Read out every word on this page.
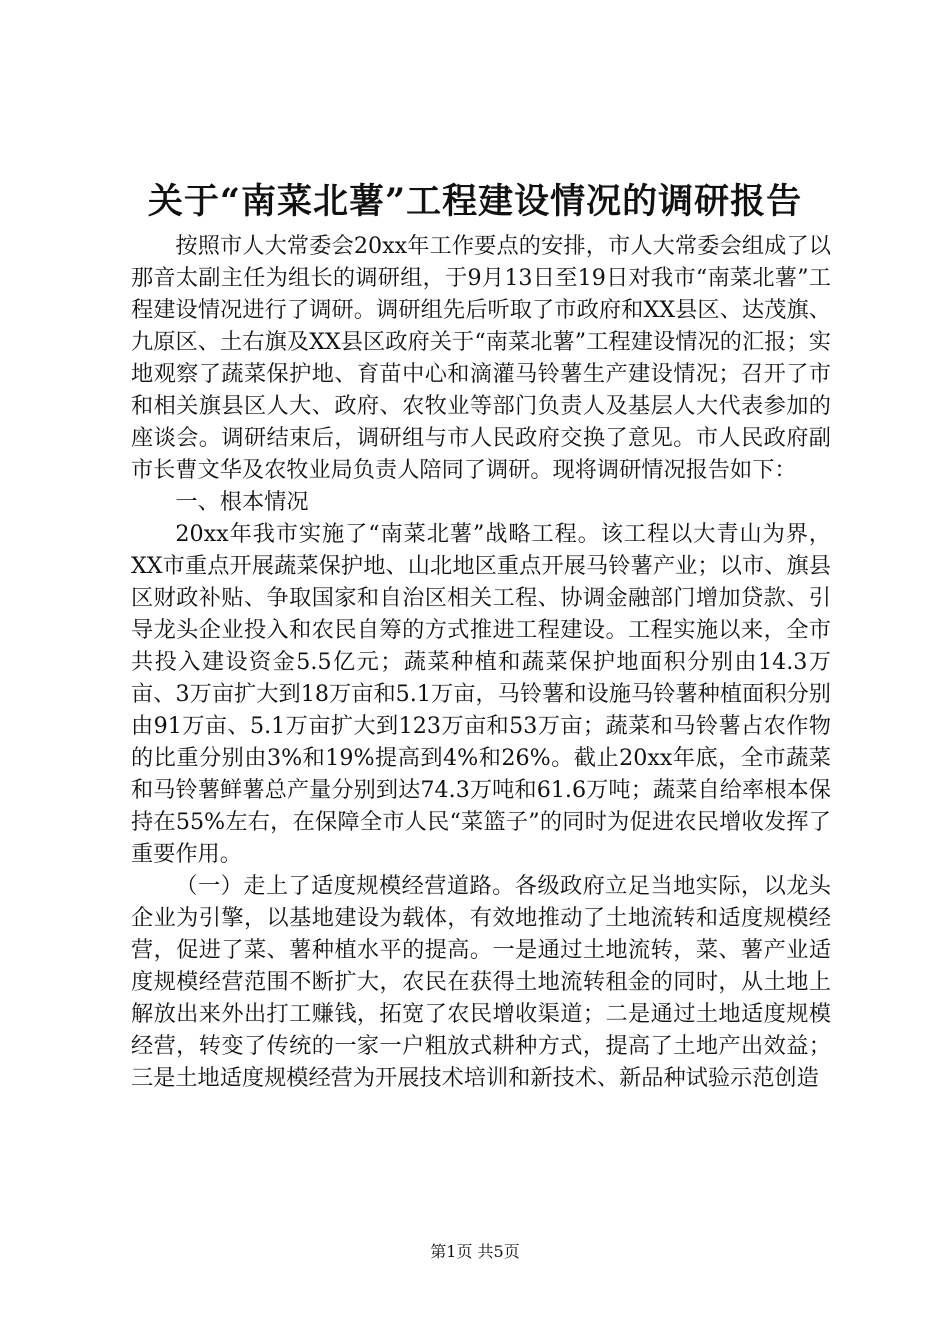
关于“南菜北薯”工程建设情况的调研报告

按照市人大常委会20xx年工作要点的安排，市人大常委会组成了以那音太副主任为组长的调研组，于9月13日至19日对我市“南菜北薯”工程建设情况进行了调研。调研组先后听取了市政府和XX县区、达茂旗、九原区、土右旗及XX县区政府关于“南菜北薯”工程建设情况的汇报；实地观察了蔬菜保护地、育苗中心和滴灌马铃薯生产建设情况；召开了市和相关旗县区人大、政府、农牧业等部门负责人及基层人大代表参加的座谈会。调研结束后，调研组与市人民政府交换了意见。市人民政府副市长曹文华及农牧业局负责人陪同了调研。现将调研情况报告如下：

一、根本情况

20xx年我市实施了“南菜北薯”战略工程。该工程以大青山为界，XX市重点开展蔬菜保护地、山北地区重点开展马铃薯产业；以市、旗县区财政补贴、争取国家和自治区相关工程、协调金融部门增加贷款、引导龙头企业投入和农民自筹的方式推进工程建设。工程实施以来，全市共投入建设资金5.5亿元；蔬菜种植和蔬菜保护地面积分别由14.3万亩、3万亩扩大到18万亩和5.1万亩，马铃薯和设施马铃薯种植面积分别由91万亩、5.1万亩扩大到123万亩和53万亩；蔬菜和马铃薯占农作物的比重分别由3%和19%提高到4%和26%。截止20xx年底，全市蔬菜和马铃薯鲜薯总产量分别到达74.3万吨和61.6万吨；蔬菜自给率根本保持在55%左右，在保障全市人民“菜篮子”的同时为促进农民增收发挥了重要作用。

（一）走上了适度规模经营道路。各级政府立足当地实际，以龙头企业为引擎，以基地建设为载体，有效地推动了土地流转和适度规模经营，促进了菜、薯种植水平的提高。一是通过土地流转，菜、薯产业适度规模经营范围不断扩大，农民在获得土地流转租金的同时，从土地上解放出来外出打工赚钱，拓宽了农民增收渠道；二是通过土地适度规模经营，转变了传统的一家一户粗放式耕种方式，提高了土地产出效益；三是土地适度规模经营为开展技术培训和新技术、新品种试验示范创造

第1页 共5页
